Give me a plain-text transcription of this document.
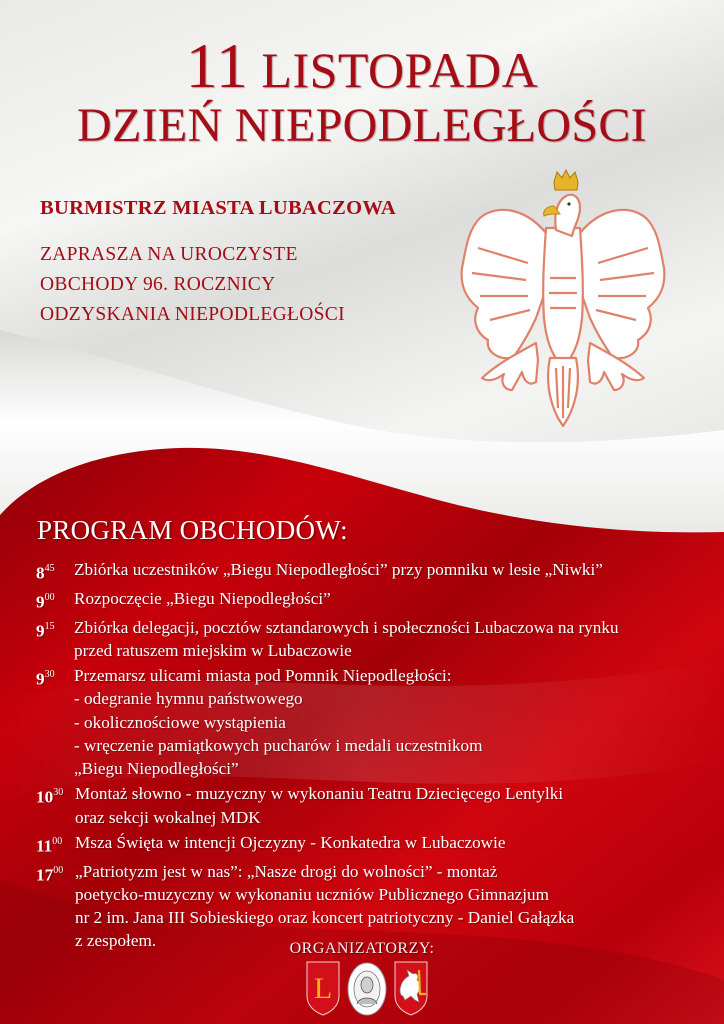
11 LISTOPADA
DZIEŃ NIEPODLEGŁOŚCI
BURMISTRZ MIASTA LUBACZOWA
ZAPRASZA NA UROCZYSTE
OBCHODY 96. ROCZNICY
ODZYSKANIA NIEPODLEGŁOŚCI
PROGRAM OBCHODÓW:
$8^{45}$	Zbiórka uczestników „Biegu Niepodległości” przy pomniku w lesie „Niwki”
$9^{00}$	Rozpoczęcie „Biegu Niepodległości”
$9^{15}$	Zbiórka delegacji, pocztów sztandarowych i społeczności Lubaczowa na rynku
przed ratuszem miejskim w Lubaczowie
$9^{30}$	Przemarsz ulicami miasta pod Pomnik Niepodległości:
- odegranie hymnu państwowego
- okolicznościowe wystąpienia
- wręczenie pamiątkowych pucharów i medali uczestnikom
„Biegu Niepodległości”
$10^{30}$ Montaż słowno - muzyczny w wykonaniu Teatru Dziecięcego Lentylki
oraz sekcji wokalnej MDK
$11^{00}$ Msza Święta w intencji Ojczyzny - Konkatedra w Lubaczowie
$17^{00}$ „Patriotyzm jest w nas”: „Nasze drogi do wolności” - montaż
poetycko-muzyczny w wykonaniu uczniów Publicznego Gimnazjum
nr 2 im. Jana III Sobieskiego oraz koncert patriotyczny - Daniel Gałązka
z zespołem.	ORGANIZATORZY:
L
